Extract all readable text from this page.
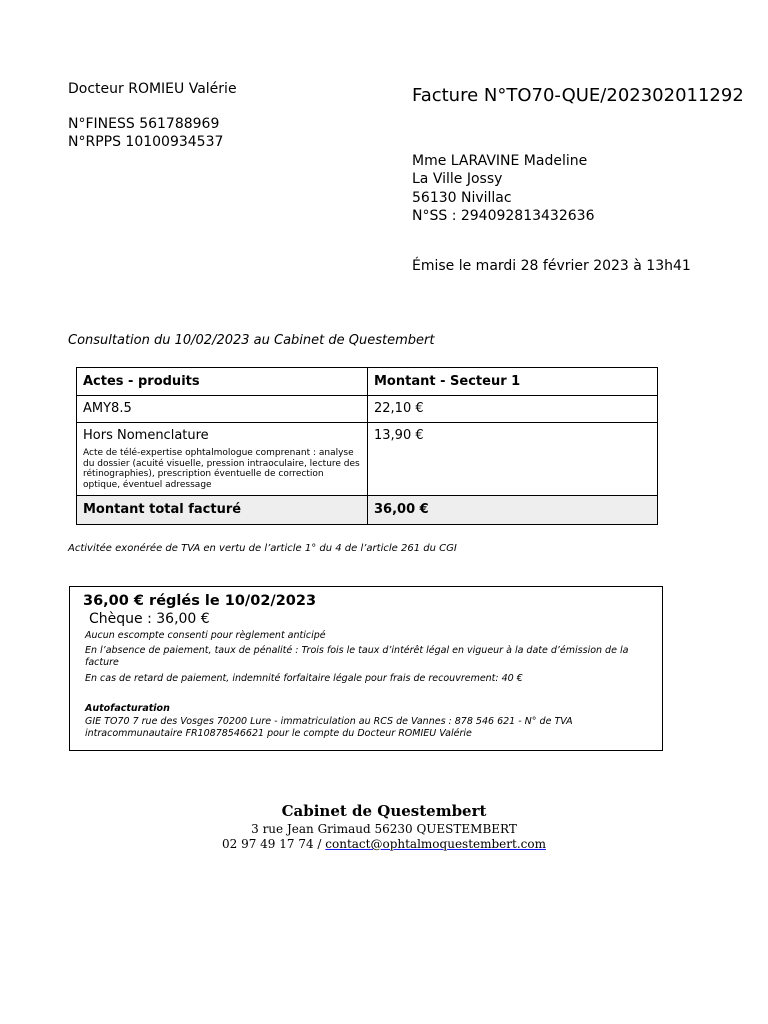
Docteur ROMIEU Valérie
N°FINESS 561788969
N°RPPS 10100934537
Facture N°TO70-QUE/202302011292
Mme LARAVINE Madeline
La Ville Jossy
56130 Nivillac
N°SS : 294092813432636
Émise le mardi 28 février 2023 à 13h41
Consultation du 10/02/2023 au Cabinet de Questembert
Actes - produits	Montant - Secteur 1
AMY8.5	22,10 €

Hors Nomenclature
Acte de télé-expertise ophtalmologue comprenant : analyse du dossier (acuité visuelle, pression intraoculaire, lecture des rétinographies), prescription éventuelle de correction optique, éventuel adressage	13,90 €
Montant total facturé	36,00 €
Activitée exonérée de TVA en vertu de l’article 1° du 4 de l’article 261 du CGI
36,00 € réglés le 10/02/2023
Chèque : 36,00 €
Aucun escompte consenti pour règlement anticipé
En l’absence de paiement, taux de pénalité : Trois fois le taux d’intérêt légal en vigueur à la date d’émission de la facture
En cas de retard de paiement, indemnité forfaitaire légale pour frais de recouvrement: 40 €
Autofacturation
GIE TO70 7 rue des Vosges 70200 Lure - immatriculation au RCS de Vannes : 878 546 621 - N° de TVA intracommunautaire FR10878546621 pour le compte du Docteur ROMIEU Valérie
Cabinet de Questembert
3 rue Jean Grimaud 56230 QUESTEMBERT
02 97 49 17 74 / contact@ophtalmoquestembert.com
